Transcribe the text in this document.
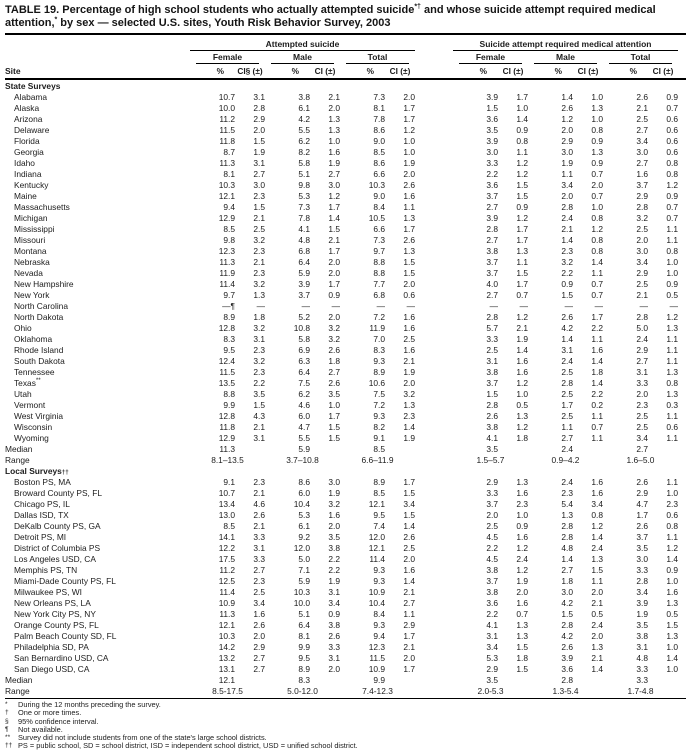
TABLE 19. Percentage of high school students who actually attempted suicide*† and whose suicide attempt required medical attention,* by sex — selected U.S. sites, Youth Risk Behavior Survey, 2003
Attempted suicide	Suicide attempt required medical attention
Female	Male	Total	Female	Male	Total
Site	%	CI§ (±)	%	CI (±)	%	CI (±)	%	CI (±)	%	CI (±)	%	CI (±)
State Surveys
Alabama	10.7	3.1	3.8	2.1	7.3	2.0	3.9	1.7	1.4	1.0	2.6	0.9
Alaska	10.0	2.8	6.1	2.0	8.1	1.7	1.5	1.0	2.6	1.3	2.1	0.7
Arizona	11.2	2.9	4.2	1.3	7.8	1.7	3.6	1.4	1.2	1.0	2.5	0.6
Delaware	11.5	2.0	5.5	1.3	8.6	1.2	3.5	0.9	2.0	0.8	2.7	0.6
Florida	11.8	1.5	6.2	1.0	9.0	1.0	3.9	0.8	2.9	0.9	3.4	0.6
Georgia	8.7	1.9	8.2	1.6	8.5	1.0	3.0	1.1	3.0	1.3	3.0	0.6
Idaho	11.3	3.1	5.8	1.9	8.6	1.9	3.3	1.2	1.9	0.9	2.7	0.8
Indiana	8.1	2.7	5.1	2.7	6.6	2.0	2.2	1.2	1.1	0.7	1.6	0.8
Kentucky	10.3	3.0	9.8	3.0	10.3	2.6	3.6	1.5	3.4	2.0	3.7	1.2
Maine	12.1	2.3	5.3	1.2	9.0	1.6	3.7	1.5	2.0	0.7	2.9	0.9
Massachusetts	9.4	1.5	7.3	1.7	8.4	1.1	2.7	0.9	2.8	1.0	2.8	0.7
Michigan	12.9	2.1	7.8	1.4	10.5	1.3	3.9	1.2	2.4	0.8	3.2	0.7
Mississippi	8.5	2.5	4.1	1.5	6.6	1.7	2.8	1.7	2.1	1.2	2.5	1.1
Missouri	9.8	3.2	4.8	2.1	7.3	2.6	2.7	1.7	1.4	0.8	2.0	1.1
Montana	12.3	2.3	6.8	1.7	9.7	1.3	3.8	1.3	2.3	0.8	3.0	0.8
Nebraska	11.3	2.1	6.4	2.0	8.8	1.5	3.7	1.1	3.2	1.4	3.4	1.0
Nevada	11.9	2.3	5.9	2.0	8.8	1.5	3.7	1.5	2.2	1.1	2.9	1.0
New Hampshire	11.4	3.2	3.9	1.7	7.7	2.0	4.0	1.7	0.9	0.7	2.5	0.9
New York	9.7	1.3	3.7	0.9	6.8	0.6	2.7	0.7	1.5	0.7	2.1	0.5
North Carolina	—¶	—	—	—	—	—	—	—	—	—	—	—
North Dakota	8.9	1.8	5.2	2.0	7.2	1.6	2.8	1.2	2.6	1.7	2.8	1.2
Ohio	12.8	3.2	10.8	3.2	11.9	1.6	5.7	2.1	4.2	2.2	5.0	1.3
Oklahoma	8.3	3.1	5.8	3.2	7.0	2.5	3.3	1.9	1.4	1.1	2.4	1.1
Rhode Island	9.5	2.3	6.9	2.6	8.3	1.6	2.5	1.4	3.1	1.6	2.9	1.1
South Dakota	12.4	3.2	6.3	1.8	9.3	2.1	3.1	1.6	2.4	1.4	2.7	1.1
Tennessee	11.5	2.3	6.4	2.7	8.9	1.9	3.8	1.6	2.5	1.8	3.1	1.3
Texas**	13.5	2.2	7.5	2.6	10.6	2.0	3.7	1.2	2.8	1.4	3.3	0.8
Utah	8.8	3.5	6.2	3.5	7.5	3.2	1.5	1.0	2.5	2.2	2.0	1.3
Vermont	9.9	1.5	4.6	1.0	7.2	1.3	2.8	0.5	1.7	0.2	2.3	0.3
West Virginia	12.8	4.3	6.0	1.7	9.3	2.3	2.6	1.3	2.5	1.1	2.5	1.1
Wisconsin	11.8	2.1	4.7	1.5	8.2	1.4	3.8	1.2	1.1	0.7	2.5	0.6
Wyoming	12.9	3.1	5.5	1.5	9.1	1.9	4.1	1.8	2.7	1.1	3.4	1.1
Median	11.3	5.9	8.5	3.5	2.4	2.7
Range	8.1–13.5	3.7–10.8	6.6–11.9	1.5–5.7	0.9–4.2	1.6–5.0
Local Surveys ††
Boston PS, MA	9.1	2.3	8.6	3.0	8.9	1.7	2.9	1.3	2.4	1.6	2.6	1.1
Broward County PS, FL	10.7	2.1	6.0	1.9	8.5	1.5	3.3	1.6	2.3	1.6	2.9	1.0
Chicago PS, IL	13.4	4.6	10.4	3.2	12.1	3.4	3.7	2.3	5.4	3.4	4.7	2.3
Dallas ISD, TX	13.0	2.6	5.3	1.6	9.5	1.5	2.0	1.0	1.3	0.8	1.7	0.6
DeKalb County PS, GA	8.5	2.1	6.1	2.0	7.4	1.4	2.5	0.9	2.8	1.2	2.6	0.8
Detroit PS, MI	14.1	3.3	9.2	3.5	12.0	2.6	4.5	1.6	2.8	1.4	3.7	1.1
District of Columbia PS	12.2	3.1	12.0	3.8	12.1	2.5	2.2	1.2	4.8	2.4	3.5	1.2
Los Angeles USD, CA	17.5	3.3	5.0	2.2	11.4	2.0	4.5	2.4	1.4	1.3	3.0	1.4
Memphis PS, TN	11.2	2.7	7.1	2.2	9.3	1.6	3.8	1.2	2.7	1.5	3.3	0.9
Miami-Dade County PS, FL	12.5	2.3	5.9	1.9	9.3	1.4	3.7	1.9	1.8	1.1	2.8	1.0
Milwaukee PS, WI	11.4	2.5	10.3	3.1	10.9	2.1	3.8	2.0	3.0	2.0	3.4	1.6
New Orleans PS, LA	10.9	3.4	10.0	3.4	10.4	2.7	3.6	1.6	4.2	2.1	3.9	1.3
New York City PS, NY	11.3	1.6	5.1	0.9	8.4	1.1	2.2	0.7	1.5	0.5	1.9	0.5
Orange County PS, FL	12.1	2.6	6.4	3.8	9.3	2.9	4.1	1.3	2.8	2.4	3.5	1.5
Palm Beach County SD, FL	10.3	2.0	8.1	2.6	9.4	1.7	3.1	1.3	4.2	2.0	3.8	1.3
Philadelphia SD, PA	14.2	2.9	9.9	3.3	12.3	2.1	3.4	1.5	2.6	1.3	3.1	1.0
San Bernardino USD, CA	13.2	2.7	9.5	3.1	11.5	2.0	5.3	1.8	3.9	2.1	4.8	1.4
San Diego USD, CA	13.1	2.7	8.9	2.0	10.9	1.7	2.9	1.5	3.6	1.4	3.3	1.0
Median	12.1	8.3	9.9	3.5	2.8	3.3
Range	8.5-17.5	5.0-12.0	7.4-12.3	2.0-5.3	1.3-5.4	1.7-4.8
* During the 12 months preceding the survey.
† One or more times.
§ 95% confidence interval.
¶ Not available.
** Survey did not include students from one of the state's large school districts.
†† PS = public school, SD = school district, ISD = independent school district, USD = unified school district.
